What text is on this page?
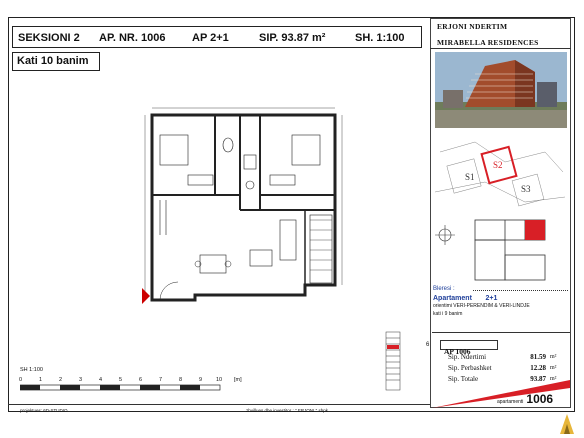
SEKSIONI 2 AP. NR. 1006 AP 2+1	SIP. 93.87 m²	SH. 1:100
Kati 10 banim
ERJONI NDERTIM
MIRABELLA RESIDENCES
S1
S2
S3
Bleresi :
Apartament 2+1
orientimi VERI-PERENDIM & VERI-LINDJE
kati i 9 banim
AP 1006
Sip. Ndertimi	81.59 m²
Sip. Perbashket	12.28 m²
Sip. Totale	93.87 m²
apartamenti 1006
6
SH 1:100
0	1	2	3	4	5	6	7	8	9	10 [m]
projektues: 6D-STUDIO	zhvillues dhe investitor : " ERJONI " shpk
